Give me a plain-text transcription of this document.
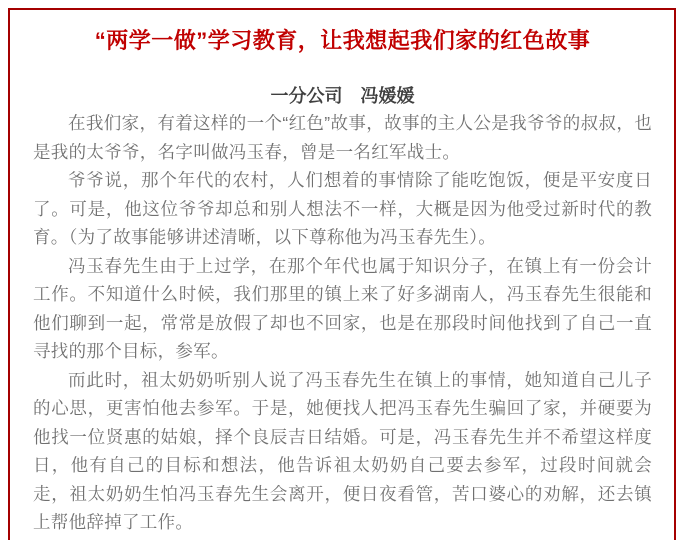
“两学一做”学习教育，让我想起我们家的红色故事
一分公司　冯媛媛

在我们家，有着这样的一个“红色”故事，故事的主人公是我爷爷的叔叔，也是我的太爷爷，名字叫做冯玉春，曾是一名红军战士。

爷爷说，那个年代的农村，人们想着的事情除了能吃饱饭，便是平安度日了。可是，他这位爷爷却总和别人想法不一样，大概是因为他受过新时代的教育。（为了故事能够讲述清晰，以下尊称他为冯玉春先生）。

冯玉春先生由于上过学，在那个年代也属于知识分子，在镇上有一份会计工作。不知道什么时候，我们那里的镇上来了好多湖南人，冯玉春先生很能和他们聊到一起，常常是放假了却也不回家，也是在那段时间他找到了自己一直寻找的那个目标，参军。

而此时，祖太奶奶听别人说了冯玉春先生在镇上的事情，她知道自己儿子的心思，更害怕他去参军。于是，她便找人把冯玉春先生骗回了家，并硬要为他找一位贤惠的姑娘，择个良辰吉日结婚。可是，冯玉春先生并不希望这样度日，他有自己的目标和想法，他告诉祖太奶奶自己要去参军，过段时间就会走，祖太奶奶生怕冯玉春先生会离开，便日夜看管，苦口婆心的劝解，还去镇上帮他辞掉了工作。
